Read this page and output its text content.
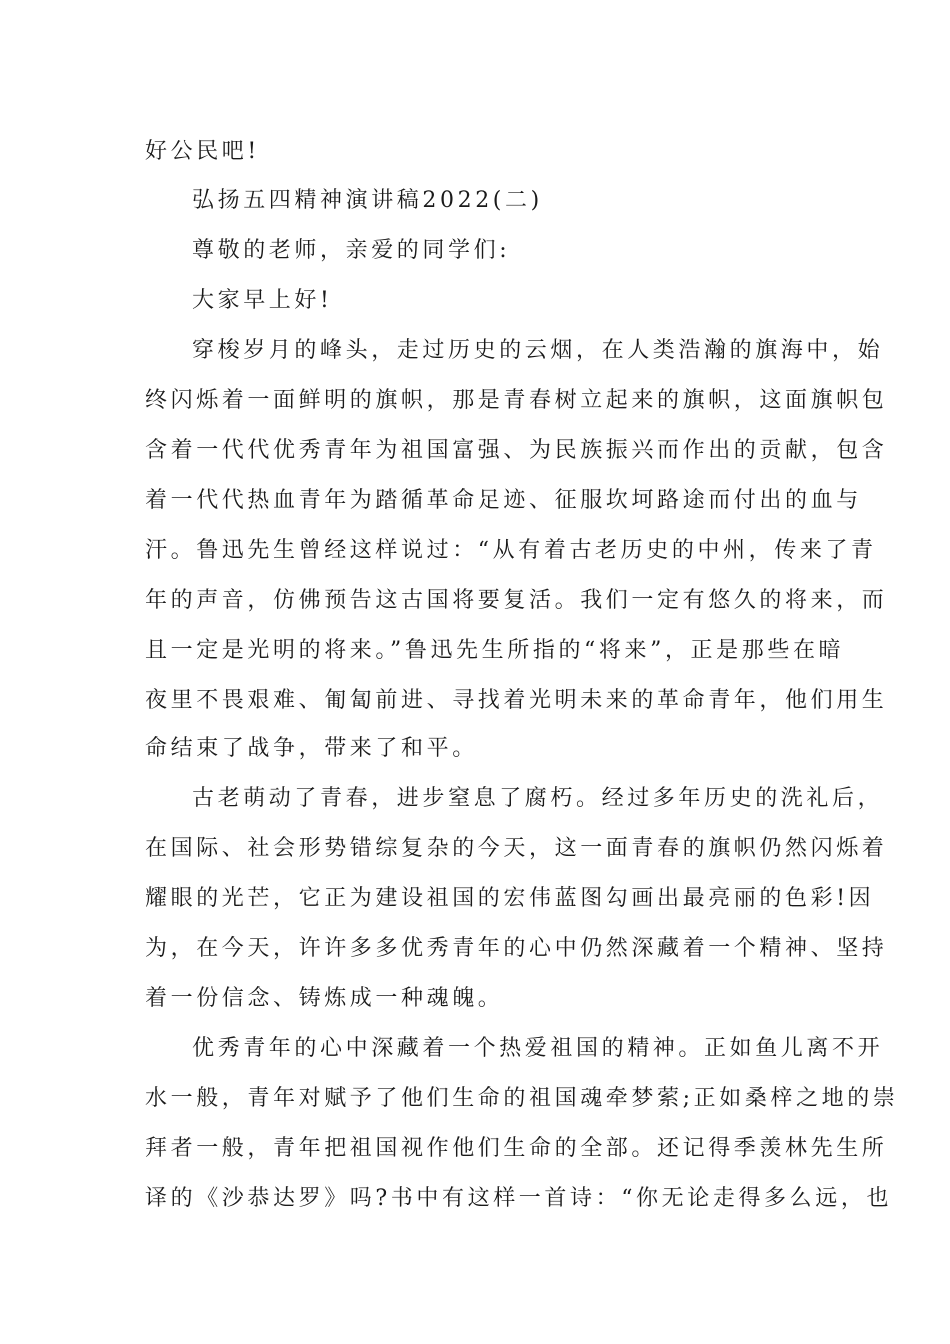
好公民吧!
弘扬五四精神演讲稿2022(二)
尊敬的老师，亲爱的同学们:
大家早上好!
穿梭岁月的峰头，走过历史的云烟，在人类浩瀚的旗海中，始
终闪烁着一面鲜明的旗帜，那是青春树立起来的旗帜，这面旗帜包
含着一代代优秀青年为祖国富强、为民族振兴而作出的贡献，包含
着一代代热血青年为踏循革命足迹、征服坎坷路途而付出的血与
汗。鲁迅先生曾经这样说过：“从有着古老历史的中州，传来了青
年的声音，仿佛预告这古国将要复活。我们一定有悠久的将来，而
且一定是光明的将来。”鲁迅先生所指的“将来”，正是那些在暗
夜里不畏艰难、匍匐前进、寻找着光明未来的革命青年，他们用生
命结束了战争，带来了和平。
古老萌动了青春，进步窒息了腐朽。经过多年历史的洗礼后，
在国际、社会形势错综复杂的今天，这一面青春的旗帜仍然闪烁着
耀眼的光芒，它正为建设祖国的宏伟蓝图勾画出最亮丽的色彩!因
为，在今天，许许多多优秀青年的心中仍然深藏着一个精神、坚持
着一份信念、铸炼成一种魂魄。
优秀青年的心中深藏着一个热爱祖国的精神。正如鱼儿离不开
水一般，青年对赋予了他们生命的祖国魂牵梦萦;正如桑梓之地的崇
拜者一般，青年把祖国视作他们生命的全部。还记得季羡林先生所
译的《沙恭达罗》吗?书中有这样一首诗：“你无论走得多么远，也
